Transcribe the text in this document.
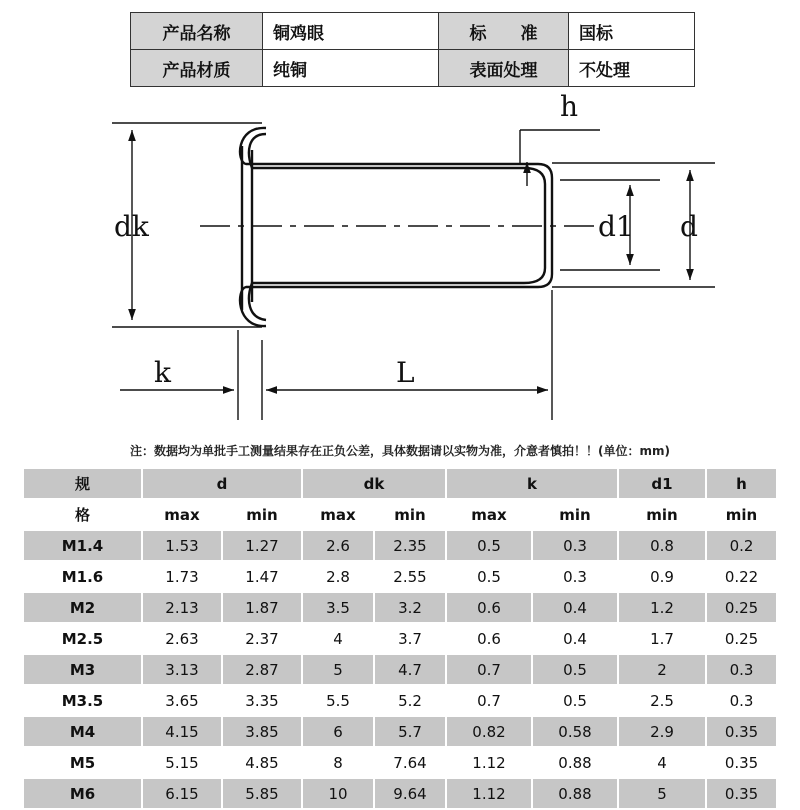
产品名称	铜鸡眼	标　　准	国标
产品材质	纯铜	表面处理	不处理
h
dk	d1 d
k	L
注：数据均为单批手工测量结果存在正负公差，具体数据请以实物为准，介意者慎拍！！(单位：mm)
规	d		dk		k		d1	h
格	max	min	max	min	max	min	min	min
M1.4	1.53	1.27	2.6	2.35	0.5	0.3	0.8	0.2
M1.6	1.73	1.47	2.8	2.55	0.5	0.3	0.9	0.22
M2	2.13	1.87	3.5	3.2	0.6	0.4	1.2	0.25
M2.5	2.63	2.37	4	3.7	0.6	0.4	1.7	0.25
M3	3.13	2.87	5	4.7	0.7	0.5	2	0.3
M3.5	3.65	3.35	5.5	5.2	0.7	0.5	2.5	0.3
M4	4.15	3.85	6	5.7	0.82	0.58	2.9	0.35
M5	5.15	4.85	8	7.64	1.12	0.88	4	0.35
M6	6.15	5.85	10	9.64	1.12	0.88	5	0.35
